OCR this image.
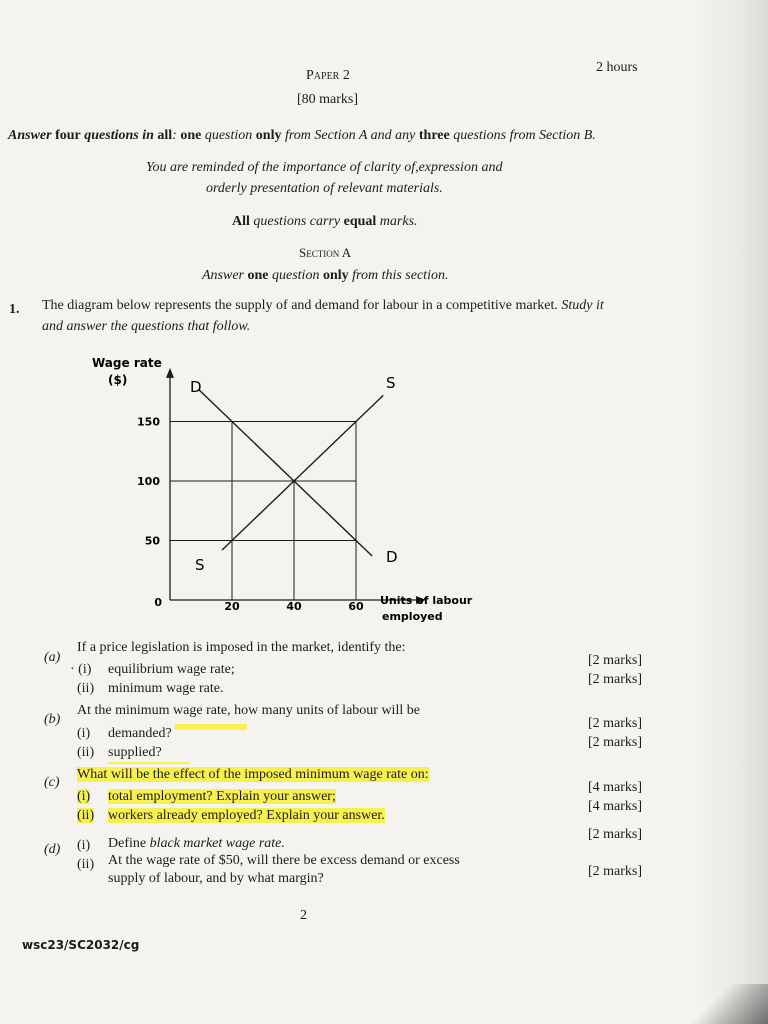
2 hours
Paper 2
[80 marks]
Answer four questions in all: one question only from Section A and any three questions from Section B.
You are reminded of the importance of clarity of,expression and
orderly presentation of relevant materials.
All questions carry equal marks.
Section A
Answer one question only from this section.
1. The diagram below represents the supply of and demand for labour in a competitive market. Study it
and answer the questions that follow.
20	40	60
150
100
50
0
Wage rate
($)
Units of labour
employed
D	S
S	D
(a)
If a price legislation is imposed in the market, identify the:
· (i) equilibrium wage rate;
[2 marks]
(ii) minimum wage rate.
[2 marks]
(b)
At the minimum wage rate, how many units of labour will be
(i) demanded?
[2 marks]
(ii) supplied?
[2 marks]
(c)
What will be the effect of the imposed minimum wage rate on:
(i) total employment? Explain your answer;
[4 marks]
(ii) workers already employed? Explain your answer.
[4 marks]
(d) (i) Define black market wage rate.
[2 marks]
(ii) At the wage rate of $50, will there be excess demand or excess
supply of labour, and by what margin?	[2 marks]
2
wsc23/SC2032/cg
